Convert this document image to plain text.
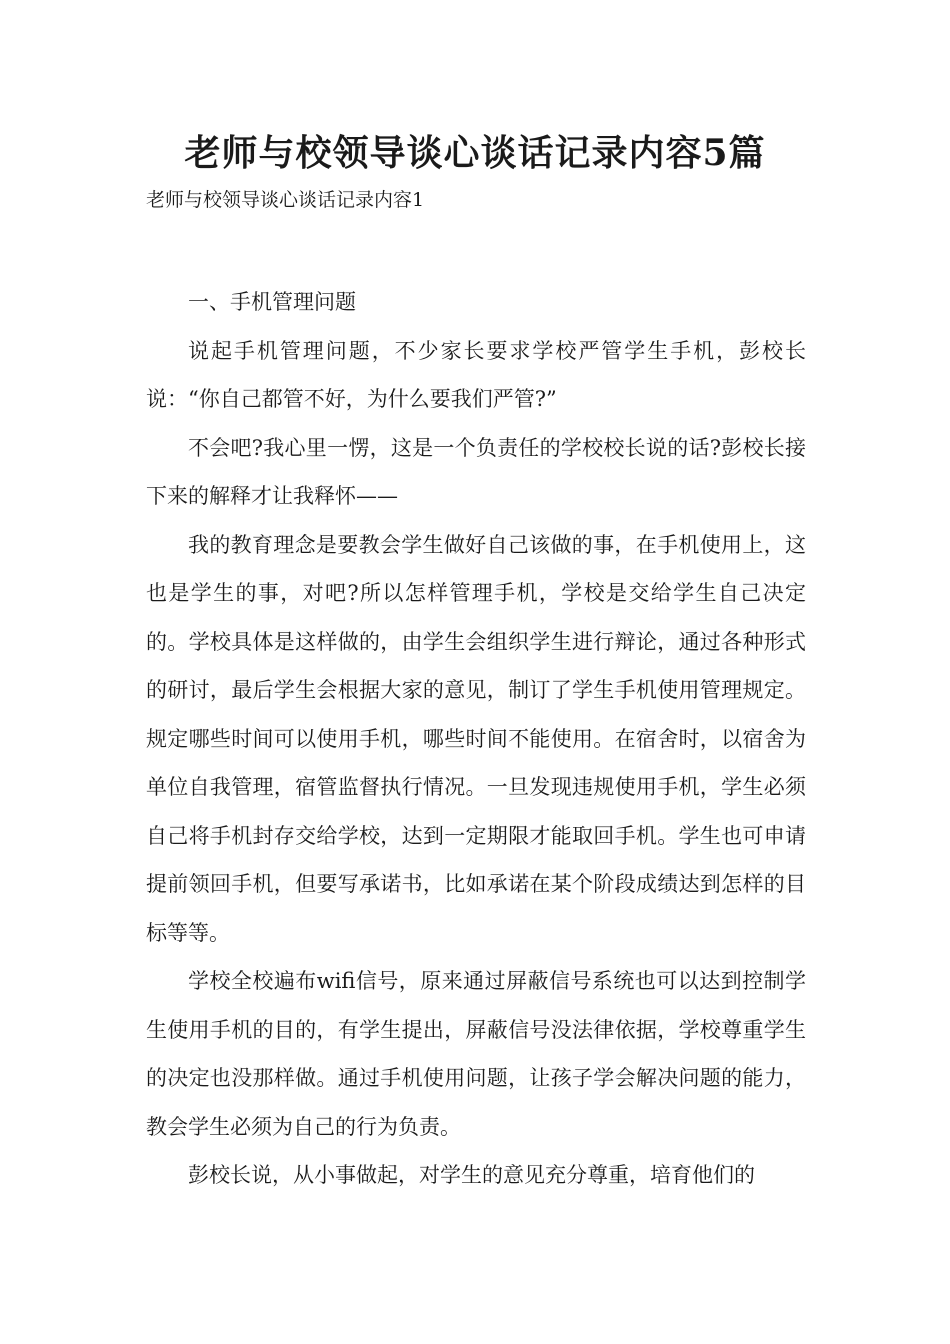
老师与校领导谈心谈话记录内容5篇
老师与校领导谈心谈话记录内容1

一、手机管理问题

说起手机管理问题，不少家长要求学校严管学生手机，彭校长说：“你自己都管不好，为什么要我们严管?”

不会吧?我心里一愣，这是一个负责任的学校校长说的话?彭校长接下来的解释才让我释怀——

我的教育理念是要教会学生做好自己该做的事，在手机使用上，这也是学生的事，对吧?所以怎样管理手机，学校是交给学生自己决定的。学校具体是这样做的，由学生会组织学生进行辩论，通过各种形式的研讨，最后学生会根据大家的意见，制订了学生手机使用管理规定。规定哪些时间可以使用手机，哪些时间不能使用。在宿舍时，以宿舍为单位自我管理，宿管监督执行情况。一旦发现违规使用手机，学生必须自己将手机封存交给学校，达到一定期限才能取回手机。学生也可申请提前领回手机，但要写承诺书，比如承诺在某个阶段成绩达到怎样的目标等等。

学校全校遍布wifi信号，原来通过屏蔽信号系统也可以达到控制学生使用手机的目的，有学生提出，屏蔽信号没法律依据，学校尊重学生的决定也没那样做。通过手机使用问题，让孩子学会解决问题的能力，教会学生必须为自己的行为负责。

彭校长说，从小事做起，对学生的意见充分尊重，培育他们的
